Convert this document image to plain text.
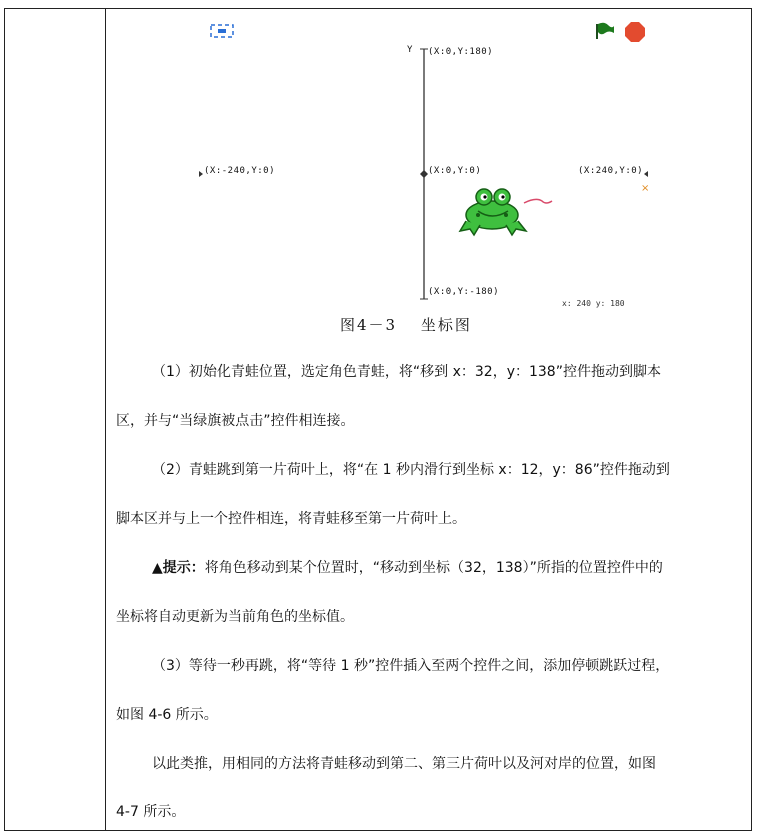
×
Y (X:0,Y:180)
(X:-240,Y:0)	(X:0,Y:0)	(X:240,Y:0)
(X:0,Y:-180)
x: 240 y: 180
图4－3　 坐标图
（1）初始化青蛙位置，选定角色青蛙，将“移到 x：32，y：138”控件拖动到脚本
区，并与“当绿旗被点击”控件相连接。
（2）青蛙跳到第一片荷叶上，将“在 1 秒内滑行到坐标 x：12，y：86”控件拖动到
脚本区并与上一个控件相连，将青蛙移至第一片荷叶上。
▲提示：将角色移动到某个位置时，“移动到坐标（32，138）”所指的位置控件中的
坐标将自动更新为当前角色的坐标值。
（3）等待一秒再跳，将“等待 1 秒”控件插入至两个控件之间，添加停顿跳跃过程，
如图 4-6 所示。
以此类推，用相同的方法将青蛙移动到第二、第三片荷叶以及河对岸的位置，如图
4-7 所示。
